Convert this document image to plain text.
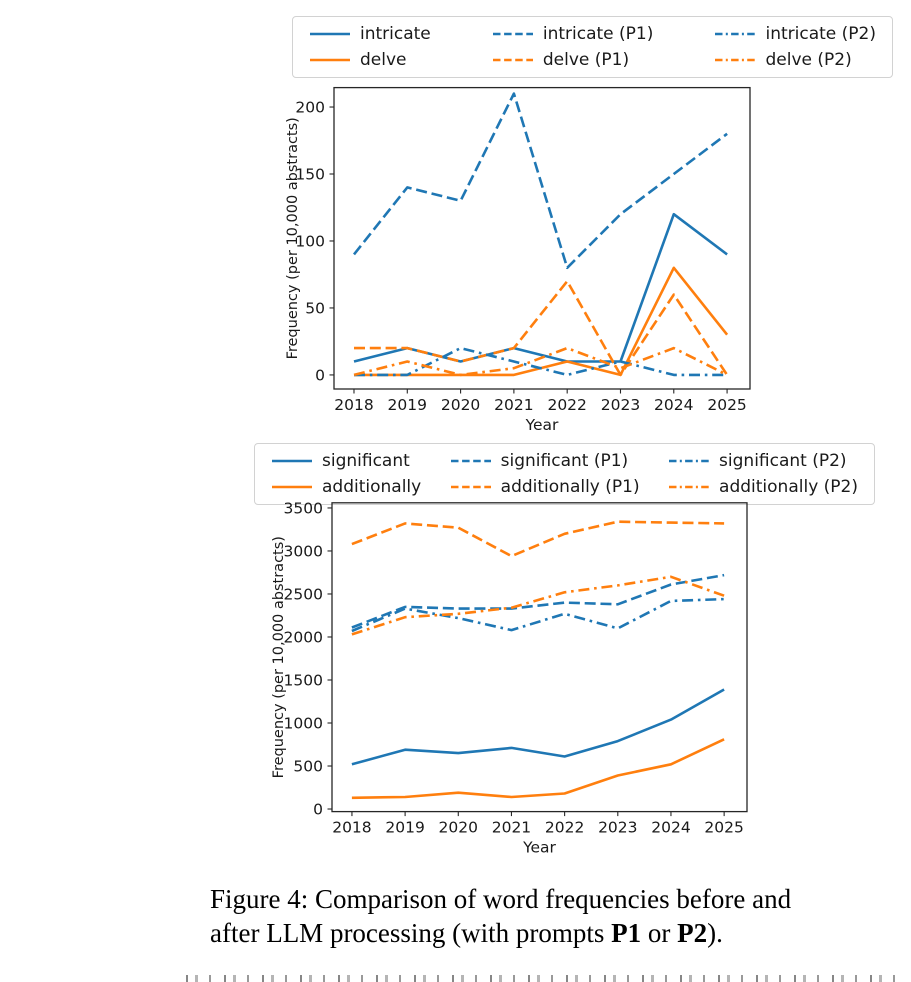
intricate
delve
intricate (P1)
delve (P1)
intricate (P2)
delve (P2)
significant
additionally
significant (P1)
additionally (P1)
significant (P2)
additionally (P2)
2018 2019 2020 2021 2022 2023 2024 2025
0
50
100
150
200
Year
Frequency (per 10,000 abstracts)
2018 2019 2020 2021 2022 2023 2024 2025
0
500
1000
1500
2000
2500
3000
3500
Year
Frequency (per 10,000 abstracts)
Figure 4: Comparison of word frequencies before and
after LLM processing (with prompts P1 or P2).
